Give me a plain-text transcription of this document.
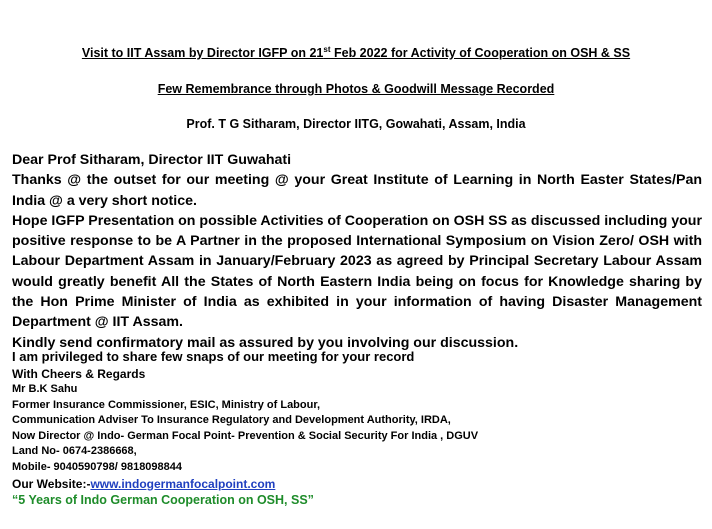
Visit to IIT Assam by Director IGFP on 21st Feb 2022 for Activity of Cooperation on OSH & SS
Few Remembrance through Photos & Goodwill Message Recorded
Prof. T G Sitharam, Director IITG, Gowahati, Assam, India

Dear Prof Sitharam, Director IIT Guwahati

Thanks @ the outset for our meeting @ your Great Institute of Learning in North Easter States/Pan India @ a very short notice.

Hope IGFP Presentation on possible Activities of Cooperation on OSH SS as discussed including your positive response to be A Partner in the proposed International Symposium on Vision Zero/ OSH with Labour Department Assam in January/February 2023 as agreed by Principal Secretary Labour Assam would greatly benefit All the States of North Eastern India being on focus for Knowledge sharing by the Hon Prime Minister of India as exhibited in your information of having Disaster Management Department @ IIT Assam.

Kindly send confirmatory mail as assured by you involving our discussion.

I am privileged to share few snaps of our meeting for your record
With Cheers & Regards
Mr B.K Sahu
Former Insurance Commissioner, ESIC, Ministry of Labour,
Communication Adviser To Insurance Regulatory and Development Authority, IRDA,
Now Director @ Indo- German Focal Point- Prevention & Social Security For India , DGUV
Land No- 0674-2386668,
Mobile- 9040590798/ 9818098844
Our Website:-www.indogermanfocalpoint.com
“5 Years of Indo German Cooperation on OSH, SS”
